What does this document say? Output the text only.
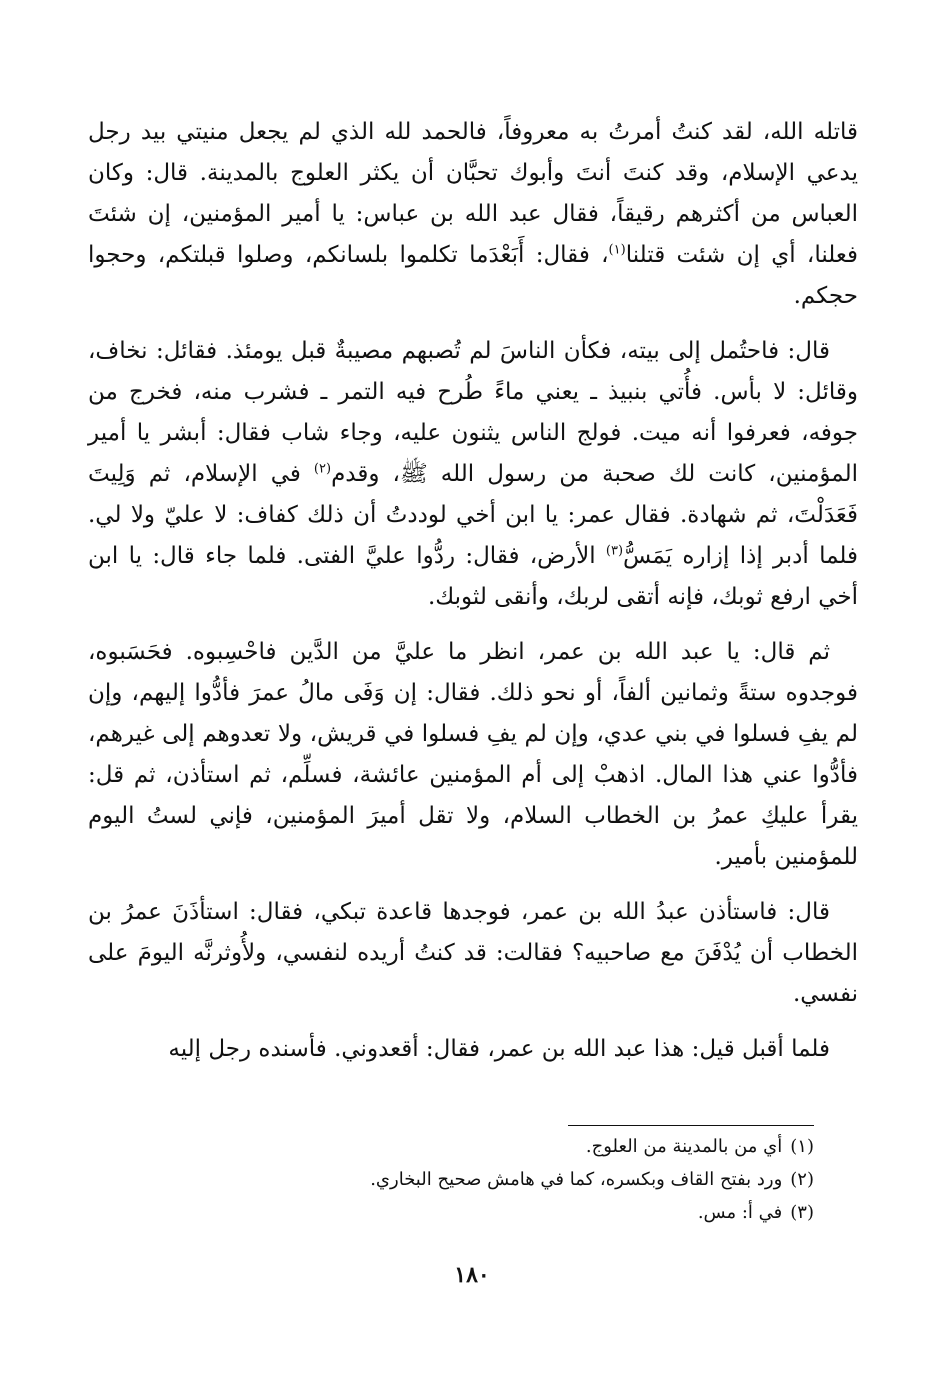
قاتله الله، لقد كنتُ أمرتُ به معروفاً، فالحمد لله الذي لم يجعل منيتي بيد رجل يدعي الإسلام، وقد كنتَ أنتَ وأبوك تحبَّان أن يكثر العلوج بالمدينة. قال: وكان العباس من أكثرهم رقيقاً، فقال عبد الله بن عباس: يا أمير المؤمنين، إن شئتَ فعلنا، أي إن شئت قتلنا$^{(١)}$، فقال: أَبَعْدَما تكلموا بلسانكم، وصلوا قبلتكم، وحجوا حجكم.

قال: فاحتُمل إلى بيته، فكأن الناسَ لم تُصبهم مصيبةٌ قبل يومئذ. فقائل: نخاف، وقائل: لا بأس. فأُتي بنبيذ ـ يعني ماءً طُرح فيه التمر ـ فشرب منه، فخرج من جوفه، فعرفوا أنه ميت. فولج الناس يثنون عليه، وجاء شاب فقال: أبشر يا أمير المؤمنين، كانت لك صحبة من رسول الله ﷺ، وقدم$^{(٢)}$ في الإسلام، ثم وَلِيتَ فَعَدَلْتَ، ثم شهادة. فقال عمر: يا ابن أخي لوددتُ أن ذلك كفاف: لا عليّ ولا لي. فلما أدبر إذا إزاره يَمَسُّ$^{(٣)}$ الأرض، فقال: ردُّوا عليَّ الفتى. فلما جاء قال: يا ابن أخي ارفع ثوبك، فإنه أتقى لربك، وأنقى لثوبك.

ثم قال: يا عبد الله بن عمر، انظر ما عليَّ من الدَّين فاحْسِبوه. فحَسَبوه، فوجدوه ستةً وثمانين ألفاً، أو نحو ذلك. فقال: إن وَفَى مالُ عمرَ فأدُّوا إليهم، وإن لم يفِ فسلوا في بني عدي، وإن لم يفِ فسلوا في قريش، ولا تعدوهم إلى غيرهم، فأدُّوا عني هذا المال. اذهبْ إلى أم المؤمنين عائشة، فسلِّم، ثم استأذن، ثم قل: يقرأ عليكِ عمرُ بن الخطاب السلام، ولا تقل أميرَ المؤمنين، فإني لستُ اليوم للمؤمنين بأمير.

قال: فاستأذن عبدُ الله بن عمر، فوجدها قاعدة تبكي، فقال: استأذَنَ عمرُ بن الخطاب أن يُدْفَنَ مع صاحبيه؟ فقالت: قد كنتُ أريده لنفسي، ولأُوثرنَّه اليومَ على نفسي.

فلما أقبل قيل: هذا عبد الله بن عمر، فقال: أقعدوني. فأسنده رجل إليه

(١)أي من بالمدينة من العلوج.

(٢)ورد بفتح القاف وبكسره، كما في هامش صحيح البخاري.

(٣)في أ: مس.

١٨٠
